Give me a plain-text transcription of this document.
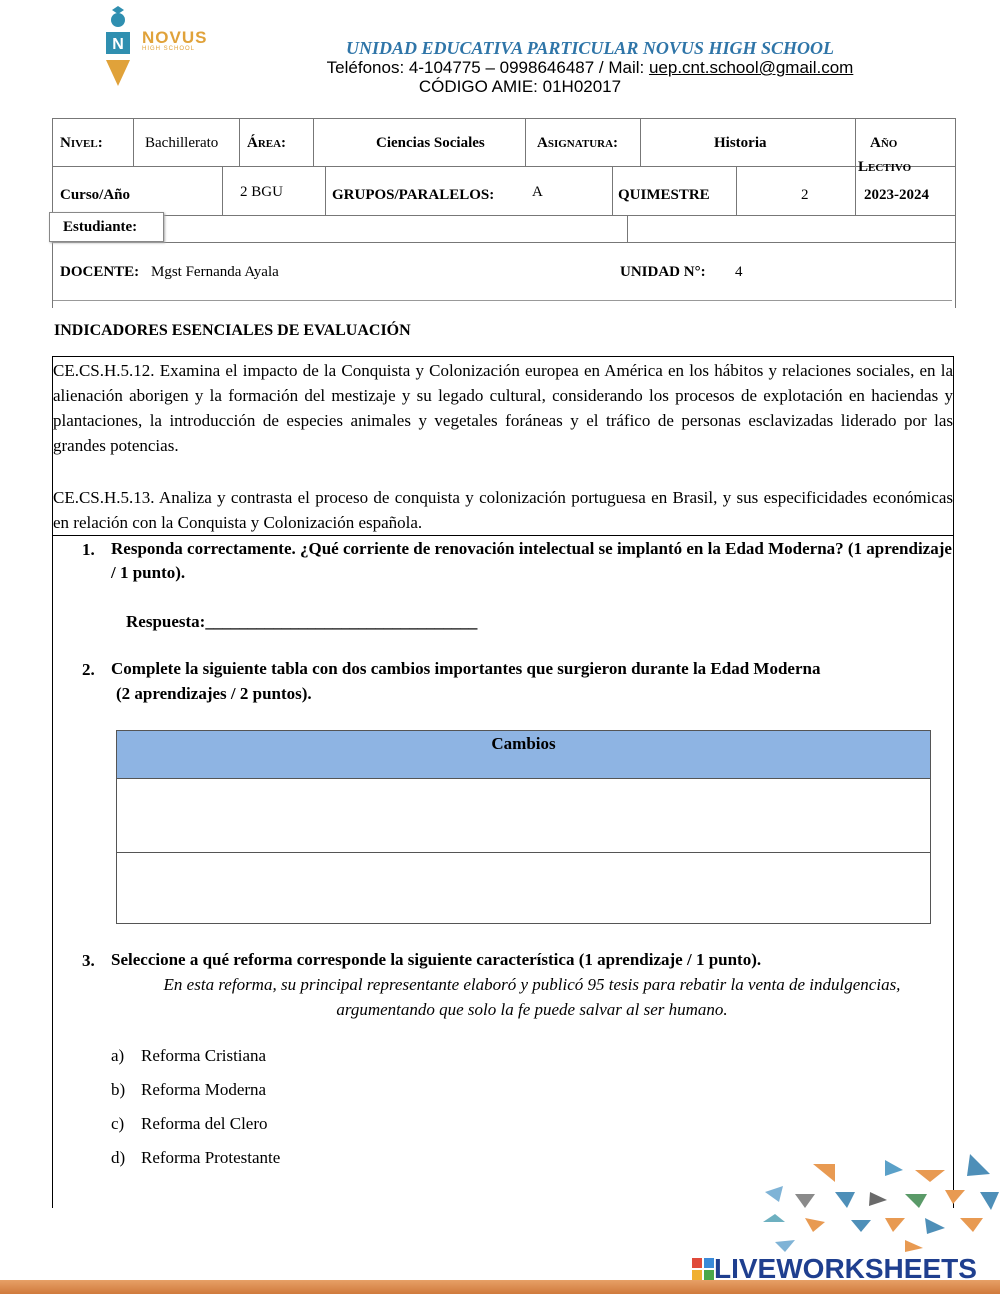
N NOVUS
HIGH SCHOOL	UNIDAD EDUCATIVA PARTICULAR NOVUS HIGH SCHOOL
Teléfonos: 4-104775 – 0998646487 / Mail: uep.cnt.school@gmail.com
CÓDIGO AMIE: 01H02017
Nivel:	Bachillerato Área:	Ciencias Sociales	Asignatura:	Historia	Año
Lectivo
Curso/Año	2 BGU	GRUPOS/PARALELOS:	A	QUIMESTRE	2	2023-2024
Estudiante:
DOCENTE: Mgst Fernanda Ayala	UNIDAD N°: 4
INDICADORES ESENCIALES DE EVALUACIÓN
CE.CS.H.5.12. Examina el impacto de la Conquista y Colonización europea en América en los hábitos y relaciones sociales, en la alienación aborigen y la formación del mestizaje y su legado cultural, considerando los procesos de explotación en haciendas y plantaciones, la introducción de especies animales y vegetales foráneas y el tráfico de personas esclavizadas liderado por las grandes potencias.
CE.CS.H.5.13. Analiza y contrasta el proceso de conquista y colonización portuguesa en Brasil, y sus especificidades económicas en relación con la Conquista y Colonización española.
1. Responda correctamente. ¿Qué corriente de renovación intelectual se implantó en la Edad Moderna? (1 aprendizaje / 1 punto).
Respuesta:________________________________
2. Complete la siguiente tabla con dos cambios importantes que surgieron durante la Edad Moderna
(2 aprendizajes / 2 puntos).
Cambios
3. Seleccione a qué reforma corresponde la siguiente característica (1 aprendizaje / 1 punto).
En esta reforma, su principal representante elaboró y publicó 95 tesis para rebatir la venta de indulgencias, argumentando que solo la fe puede salvar al ser humano.
a) Reforma Cristiana
b) Reforma Moderna
c) Reforma del Clero
d) Reforma Protestante
LIVEWORKSHEETS
